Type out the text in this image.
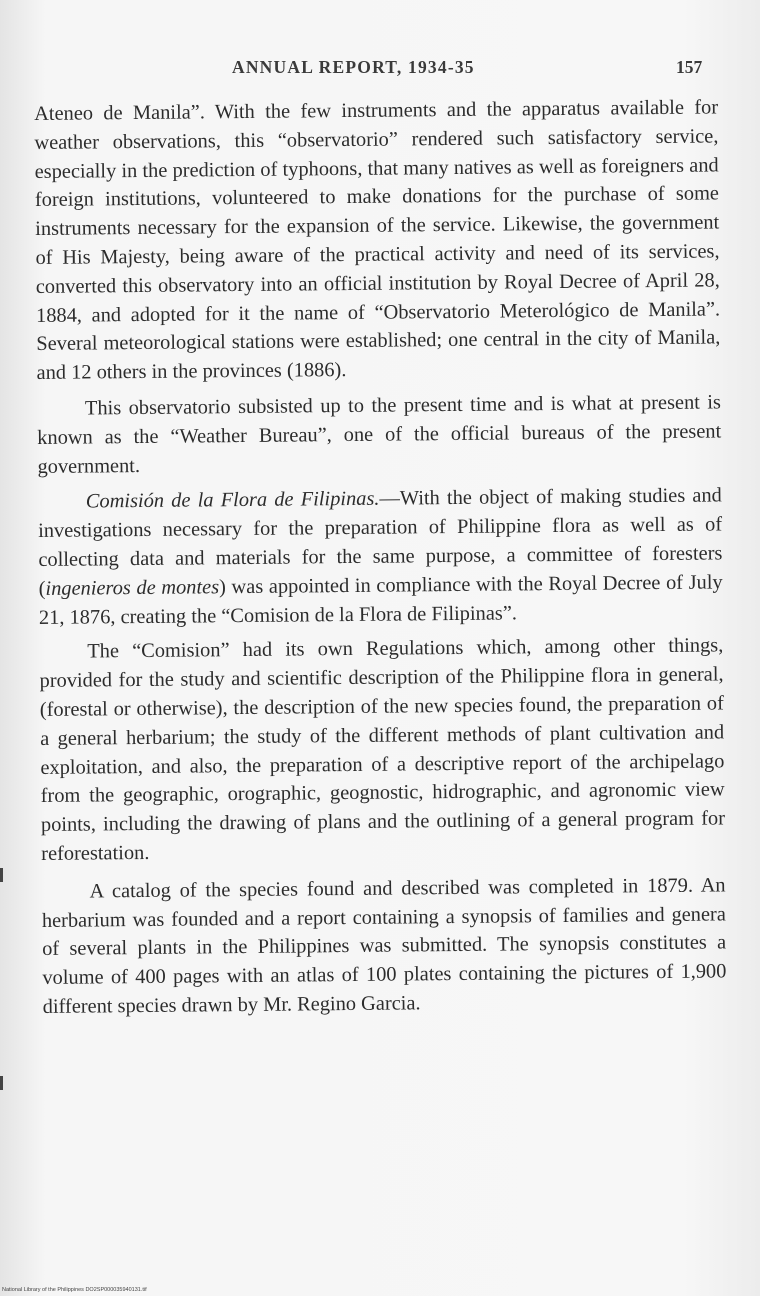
ANNUAL REPORT, 1934-35	157

Ateneo de Manila”. With the few instruments and the apparatus available for weather observations, this “observatorio” rendered such satisfactory service, especially in the prediction of typhoons, that many natives as well as foreigners and foreign institutions, volunteered to make donations for the purchase of some instruments necessary for the expansion of the service. Likewise, the government of His Majesty, being aware of the practical activity and need of its services, converted this observatory into an official institution by Royal Decree of April 28, 1884, and adopted for it the name of “Observatorio Meterológico de Manila”. Several meteorological stations were established; one central in the city of Manila, and 12 others in the provinces (1886).

This observatorio subsisted up to the present time and is what at present is known as the “Weather Bureau”, one of the official bureaus of the present government.

Comisión de la Flora de Filipinas.—With the object of making studies and investigations necessary for the preparation of Philippine flora as well as of collecting data and materials for the same purpose, a committee of foresters (ingenieros de montes) was appointed in compliance with the Royal Decree of July 21, 1876, creating the “Comision de la Flora de Filipinas”.

The “Comision” had its own Regulations which, among other things, provided for the study and scientific description of the Philippine flora in general, (forestal or otherwise), the description of the new species found, the preparation of a general herbarium; the study of the different methods of plant cultivation and exploitation, and also, the preparation of a descriptive report of the archipelago from the geographic, orographic, geognostic, hidrographic, and agronomic view points, including the drawing of plans and the outlining of a general program for reforestation.

A catalog of the species found and described was completed in 1879. An herbarium was founded and a report containing a synopsis of families and genera of several plants in the Philippines was submitted. The synopsis constitutes a volume of 400 pages with an atlas of 100 plates containing the pictures of 1,900 different species drawn by Mr. Regino Garcia.

National Library of the Philippines DO2SP000035940131.tif
